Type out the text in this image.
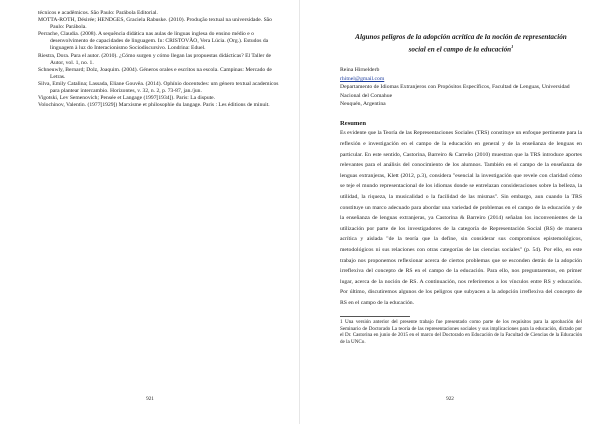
técnicos e acadêmicos. São Paulo: Parábola Editorial.
MOTTA-ROTH, Désirée; HENDGES, Graciela Rabuske. (2010). Produção textual na universidade. São Paulo: Parábola.
Perrache, Claudia. (2008). A sequência didática nas aulas de línguas inglesa do ensino médio e o desenvolvimento de capacidades de linguagem. In: CRISTOVÃO, Vera Lúcia. (Org.). Estudos da linguagem à luz do Interacionismo Sociodiscursivo. Londrina: Eduel.
Riestra, Dora. Para el autor. (2010). ¿Cómo surgen y cómo llegan las propuestas didácticas? El Taller de Autor, vol. 1, no. 1.
Schneuwly, Bernard; Dolz, Joaquim. (2004). Géneros orales e escritos na escola. Campinas: Mercado de Letras.
Silva, Emily Catalina; Lassada, Eliane Gouvêa. (2014). Ophínio docentsdes: um género textual academicos para plantear intercambio. Horizontes, v. 32, n. 2, p. 73-87, jan./jun.
Vigotski, Lev Semenovich; Pensée et Langage (1997[1934]). Paris: La dispute.
Volochinov, Valentin. (1977[1929]) Marxisme et philosophie du langage. Paris : Les éditions de minuit.
921
Algunos peligros de la adopción acrítica de la noción de representación social en el campo de la educación$^1$
Reina Hirnelderb
rhitnel@gmail.com
Departamento de Idiomas Extranjeros con Propósitos Específicos, Facultad de Lenguas, Universidad Nacional del Comahue
Neuquén, Argentina
Resumen

Es evidente que la Teoría de las Representaciones Sociales (TRS) constituye un enfoque pertinente para la reflexión e investigación en el campo de la educación en general y de la enseñanza de lenguas en particular. En este sentido, Castorina, Barreiro & Carreño (2010) muestran que la TRS introduce aportes relevantes para el análisis del conocimiento de los alumnos. También en el campo de la enseñanza de lenguas extranjeras, Klett (2012, p.3), considera "esencial la investigación que revele con claridad cómo se teje el mundo representacional de los idiomas donde se entrelazan consideraciones sobre la belleza, la utilidad, la riqueza, la musicalidad o la facilidad de las mismas". Sin embargo, aun cuando la TRS constituye un marco adecuado para abordar una variedad de problemas en el campo de la educación y de la enseñanza de lenguas extranjeras, ya Castorina & Barreiro (2014) señalan los inconvenientes de la utilización por parte de los investigadores de la categoría de Representación Social (RS) de manera acrítica y aislada "de la teoría que la define, sin considerar sus compromisos epistemológicos, metodológicos ni sus relaciones con otras categorías de las ciencias sociales" (p. 54). Por ello, en este trabajo nos proponemos reflexionar acerca de ciertos problemas que se esconden detrás de la adopción irreflexiva del concepto de RS en el campo de la educación. Para ello, nos preguntaremos, en primer lugar, acerca de la noción de RS. A continuación, nos referiremos a los vínculos entre RS y educación. Por último, discutiremos algunos de los peligros que subyacen a la adopción irreflexiva del concepto de RS en el campo de la educación.

1 Una versión anterior del presente trabajo fue presentado como parte de los requisitos para la aprobación del Seminario de Doctorado La teoría de las representaciones sociales y sus implicaciones para la educación, dictado por el Dr. Castorina en junio de 2015 en el marco del Doctorado en Educación de la Facultad de Ciencias de la Educación de la UNCo.

922
